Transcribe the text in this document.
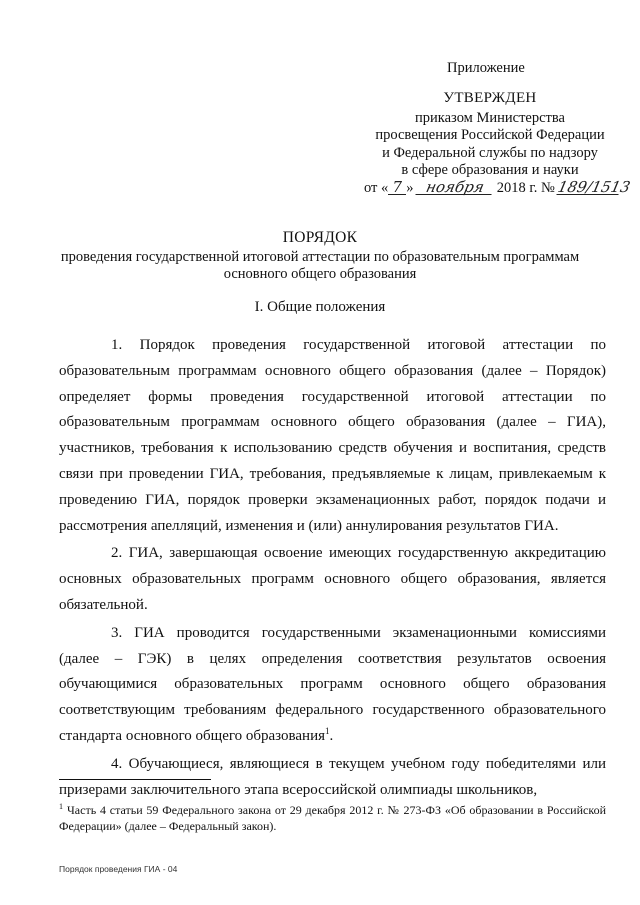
Приложение
УТВЕРЖДЕН
приказом Министерства
просвещения Российской Федерации
и Федеральной службы по надзору
в сфере образования и науки
от « 7 » ноября 2018 г. № 189/1513
ПОРЯДОК
проведения государственной итоговой аттестации по образовательным программам
основного общего образования
I. Общие положения

1. Порядок проведения государственной итоговой аттестации по образовательным программам основного общего образования (далее – Порядок) определяет формы проведения государственной итоговой аттестации по образовательным программам основного общего образования (далее – ГИА), участников, требования к использованию средств обучения и воспитания, средств связи при проведении ГИА, требования, предъявляемые к лицам, привлекаемым к проведению ГИА, порядок проверки экзаменационных работ, порядок подачи и рассмотрения апелляций, изменения и (или) аннулирования результатов ГИА.

2. ГИА, завершающая освоение имеющих государственную аккредитацию основных образовательных программ основного общего образования, является обязательной.

3. ГИА проводится государственными экзаменационными комиссиями (далее – ГЭК) в целях определения соответствия результатов освоения обучающимися образовательных программ основного общего образования соответствующим требованиям федерального государственного образовательного стандарта основного общего образования$^1$.

4. Обучающиеся, являющиеся в текущем учебном году победителями или призерами заключительного этапа всероссийской олимпиады школьников,

$^1$ Часть 4 статьи 59 Федерального закона от 29 декабря 2012 г. № 273-ФЗ «Об образовании в Российской Федерации» (далее – Федеральный закон).
Порядок проведения ГИА - 04
